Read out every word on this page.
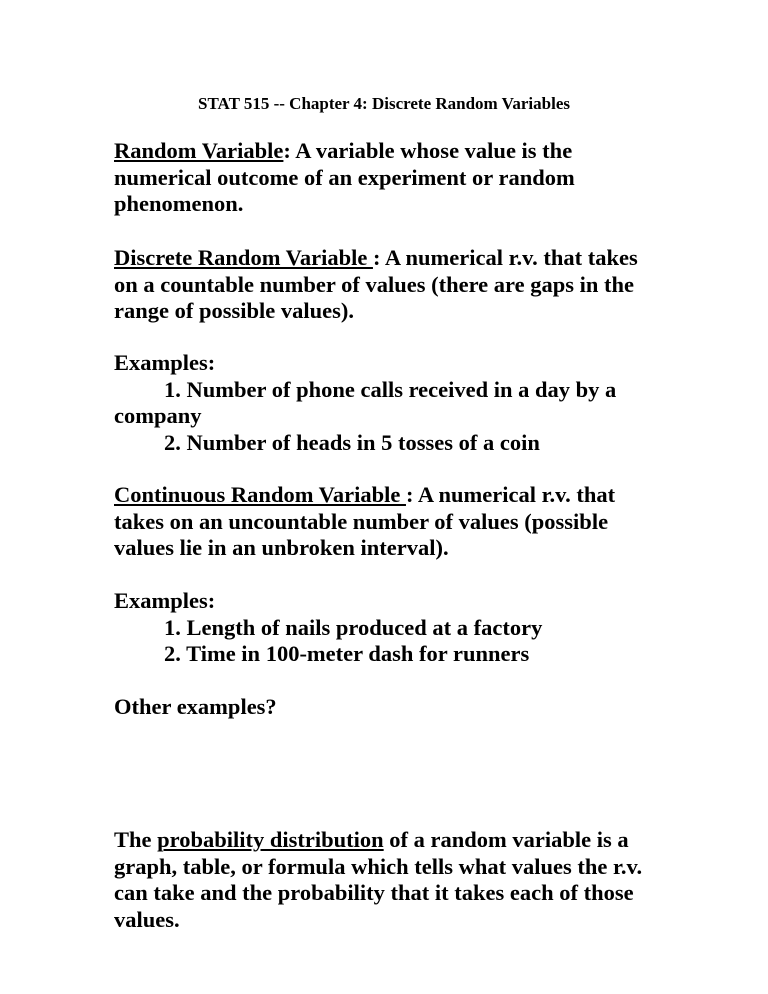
STAT 515 -- Chapter 4: Discrete Random Variables
Random Variable: A variable whose value is the
numerical outcome of an experiment or random
phenomenon.
Discrete Random Variable : A numerical r.v. that takes
on a countable number of values (there are gaps in the
range of possible values).
Examples:
1. Number of phone calls received in a day by a
company
2. Number of heads in 5 tosses of a coin
Continuous Random Variable : A numerical r.v. that
takes on an uncountable number of values (possible
values lie in an unbroken interval).
Examples:
1. Length of nails produced at a factory
2. Time in 100-meter dash for runners
Other examples?
The probability distribution of a random variable is a
graph, table, or formula which tells what values the r.v.
can take and the probability that it takes each of those
values.
